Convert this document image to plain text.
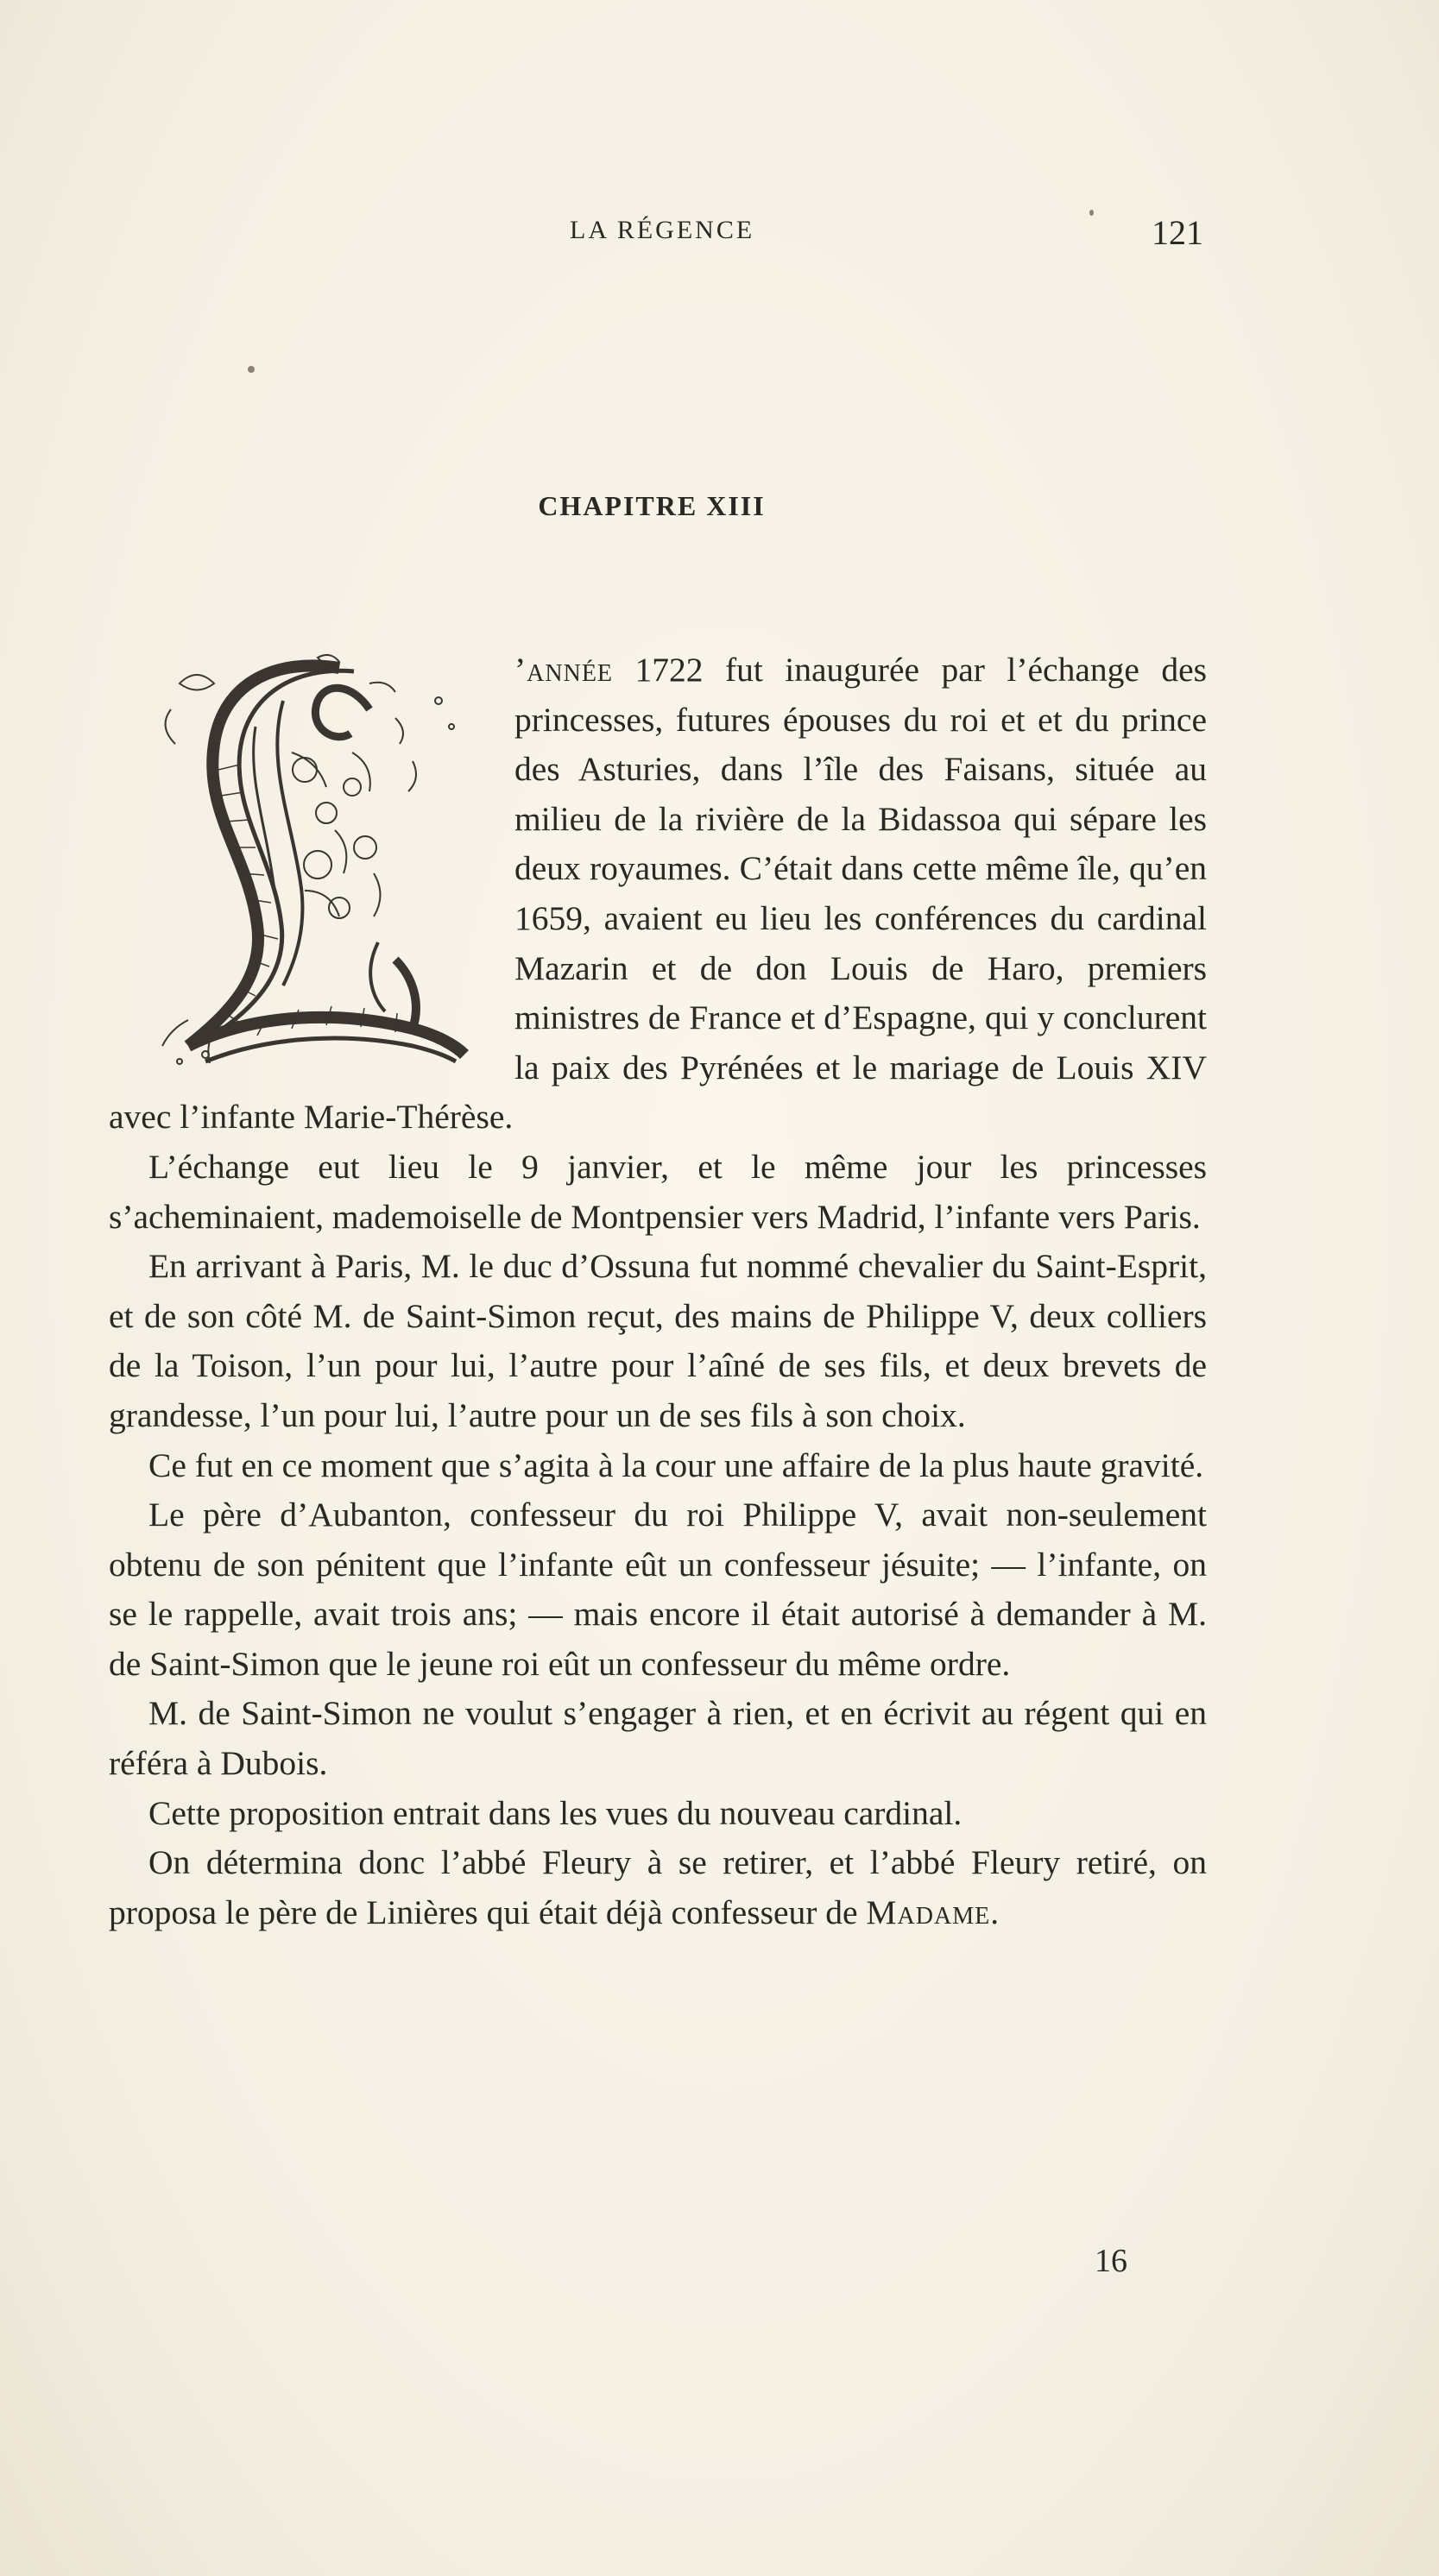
LA RÉGENCE	121
CHAPITRE XIII

’année 1722 fut inaugurée par l’échange des princesses, futures épouses du roi et et du prince des Asturies, dans l’île des Faisans, située au milieu de la rivière de la Bidassoa qui sépare les deux royaumes. C’était dans cette même île, qu’en 1659, avaient eu lieu les conférences du cardinal Mazarin et de don Louis de Haro, premiers ministres de France et d’Espagne, qui y conclurent la paix des Pyrénées et le mariage de Louis XIV avec l’infante Marie-Thérèse.

L’échange eut lieu le 9 janvier, et le même jour les princesses s’acheminaient, mademoiselle de Montpensier vers Madrid, l’infante vers Paris.

En arrivant à Paris, M. le duc d’Ossuna fut nommé chevalier du Saint-Esprit, et de son côté M. de Saint-Simon reçut, des mains de Philippe V, deux colliers de la Toison, l’un pour lui, l’autre pour l’aîné de ses fils, et deux brevets de grandesse, l’un pour lui, l’autre pour un de ses fils à son choix.

Ce fut en ce moment que s’agita à la cour une affaire de la plus haute gravité.

Le père d’Aubanton, confesseur du roi Philippe V, avait non-seulement obtenu de son pénitent que l’infante eût un confesseur jésuite; — l’infante, on se le rappelle, avait trois ans; — mais encore il était autorisé à demander à M. de Saint-Simon que le jeune roi eût un confesseur du même ordre.

M. de Saint-Simon ne voulut s’engager à rien, et en écrivit au régent qui en référa à Dubois.

Cette proposition entrait dans les vues du nouveau cardinal.

On détermina donc l’abbé Fleury à se retirer, et l’abbé Fleury retiré, on proposa le père de Linières qui était déjà confesseur de Madame.

16
